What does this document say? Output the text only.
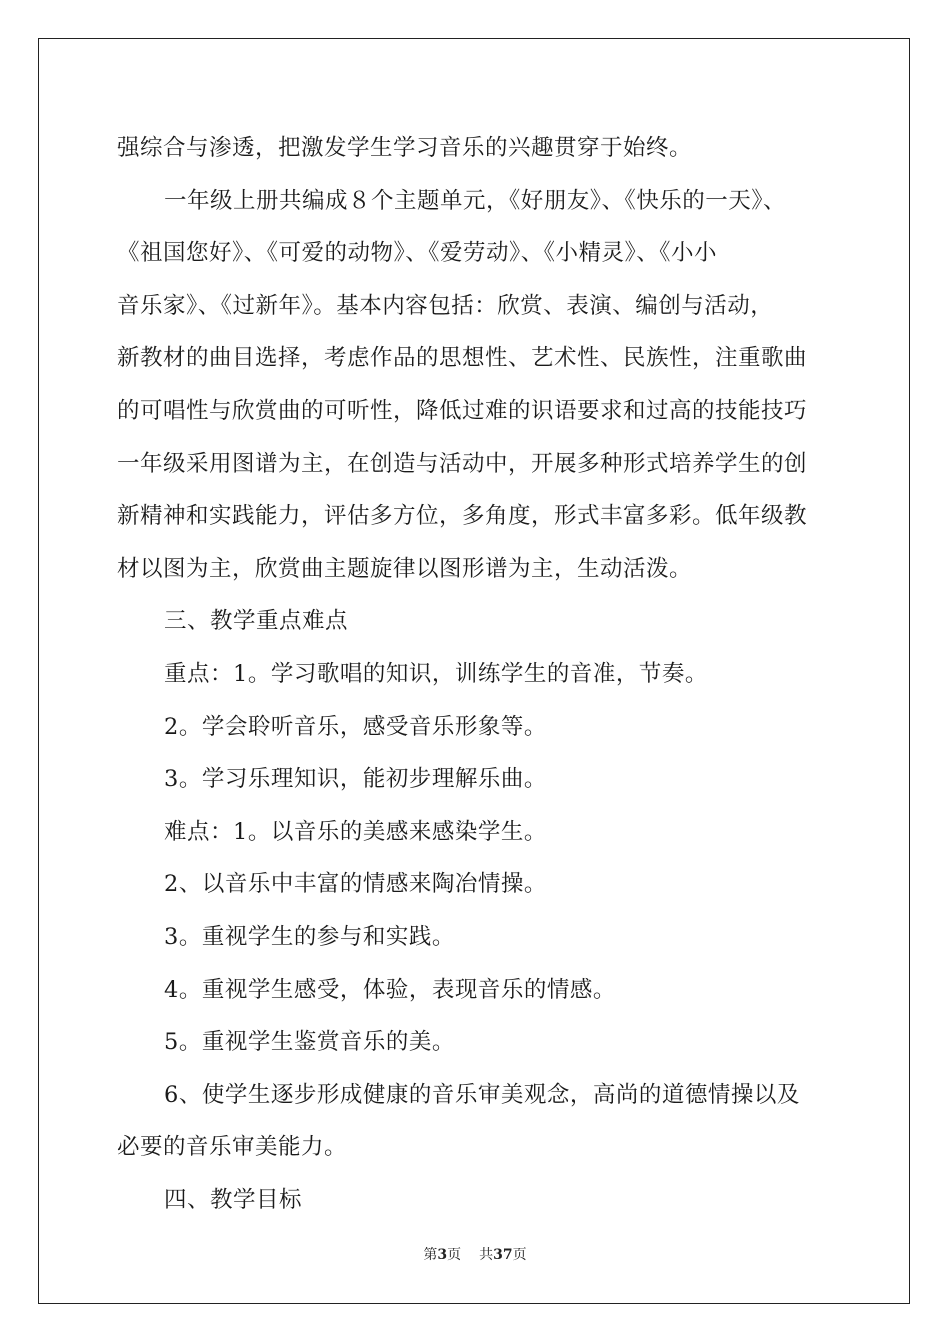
强综合与渗透，把激发学生学习音乐的兴趣贯穿于始终。
一年级上册共编成８个主题单元，《好朋友》、《快乐的一天》、
《祖国您好》、《可爱的动物》、《爱劳动》、《小精灵》、《小小
音乐家》、《过新年》。基本内容包括：欣赏、表演、编创与活动，
新教材的曲目选择，考虑作品的思想性、艺术性、民族性，注重歌曲
的可唱性与欣赏曲的可听性，降低过难的识语要求和过高的技能技巧
一年级采用图谱为主，在创造与活动中，开展多种形式培养学生的创
新精神和实践能力，评估多方位，多角度，形式丰富多彩。低年级教
材以图为主，欣赏曲主题旋律以图形谱为主，生动活泼。
三、教学重点难点
重点：1。学习歌唱的知识，训练学生的音准，节奏。
2。学会聆听音乐，感受音乐形象等。
3。学习乐理知识，能初步理解乐曲。
难点：1。以音乐的美感来感染学生。
2、以音乐中丰富的情感来陶冶情操。
3。重视学生的参与和实践。
4。重视学生感受，体验，表现音乐的情感。
5。重视学生鉴赏音乐的美。
6、使学生逐步形成健康的音乐审美观念，高尚的道德情操以及
必要的音乐审美能力。
四、教学目标
第3页 共37页
